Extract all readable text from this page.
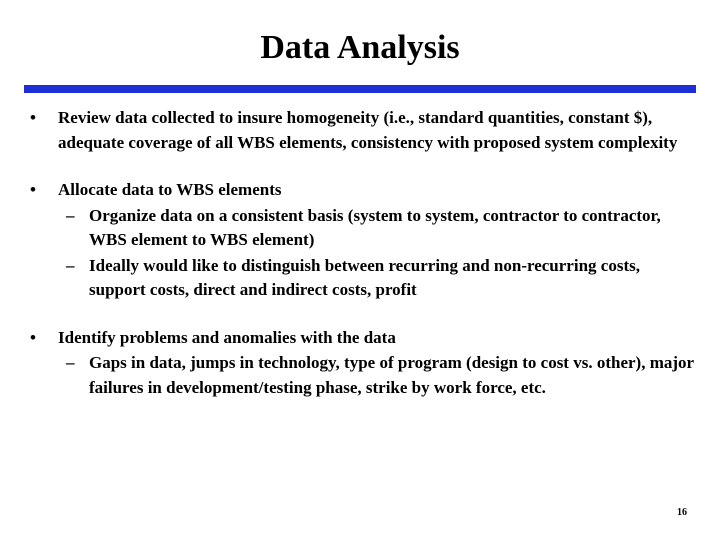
Data Analysis
•	Review data collected to insure homogeneity (i.e., standard quantities, constant $), adequate coverage of all WBS elements, consistency with proposed system complexity
•	Allocate data to WBS elements
– Organize data on a consistent basis (system to system, contractor to contractor, WBS element to WBS element)
– Ideally would like to distinguish between recurring and non-recurring costs, support costs, direct and indirect costs, profit
•	Identify problems and anomalies with the data
– Gaps in data, jumps in technology, type of program (design to cost vs. other), major failures in development/testing phase, strike by work force, etc.
16
